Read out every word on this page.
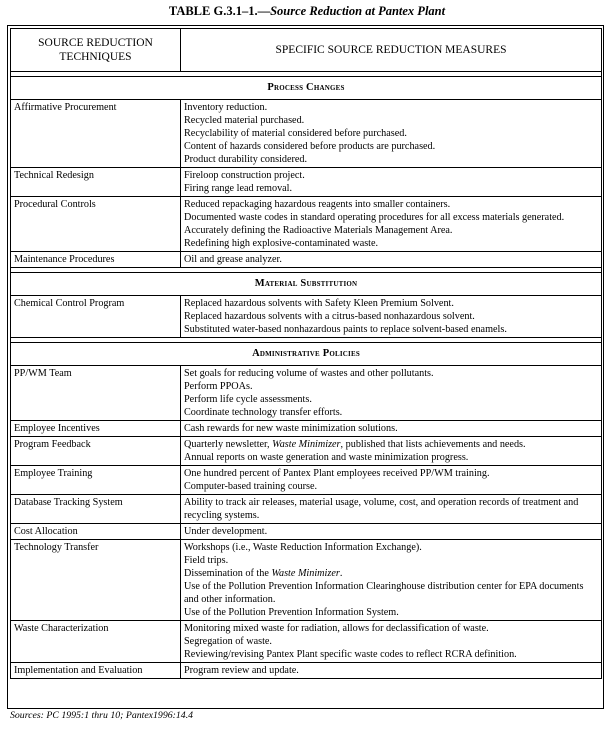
TABLE G.3.1–1.—Source Reduction at Pantex Plant
SOURCE REDUCTION TECHNIQUES	SPECIFIC SOURCE REDUCTION MEASURES

Process Changes	
Affirmative Procurement	Inventory reduction.
Recycled material purchased.
Recyclability of material considered before purchased.
Content of hazards considered before products are purchased.
Product durability considered.

Technical Redesign	Fireloop construction project.
Firing range lead removal.

Procedural Controls	Reduced repackaging hazardous reagents into smaller containers.
Documented waste codes in standard operating procedures for all excess materials generated.
Accurately defining the Radioactive Materials Management Area.
Redefining high explosive-contaminated waste.

Maintenance Procedures	Oil and grease analyzer.

Material Substitution	
Chemical Control Program	Replaced hazardous solvents with Safety Kleen Premium Solvent.
Replaced hazardous solvents with a citrus-based nonhazardous solvent.
Substituted water-based nonhazardous paints to replace solvent-based enamels.

Administrative Policies	
PP/WM Team	Set goals for reducing volume of wastes and other pollutants.
Perform PPOAs.
Perform life cycle assessments.
Coordinate technology transfer efforts.

Employee Incentives	Cash rewards for new waste minimization solutions.

Program Feedback	Quarterly newsletter, Waste Minimizer, published that lists achievements and needs.
Annual reports on waste generation and waste minimization progress.

Employee Training	One hundred percent of Pantex Plant employees received PP/WM training.
Computer-based training course.

Database Tracking System	Ability to track air releases, material usage, volume, cost, and operation records of treatment and recycling systems.

Cost Allocation	Under development.

Technology Transfer	Workshops (i.e., Waste Reduction Information Exchange).
Field trips.
Dissemination of the Waste Minimizer.
Use of the Pollution Prevention Information Clearinghouse distribution center for EPA documents and other information.
Use of the Pollution Prevention Information System.

Waste Characterization	Monitoring mixed waste for radiation, allows for declassification of waste.
Segregation of waste.
Reviewing/revising Pantex Plant specific waste codes to reflect RCRA definition.

Implementation and Evaluation	Program review and update.
Sources: PC 1995:1 thru 10; Pantex1996:14.4
